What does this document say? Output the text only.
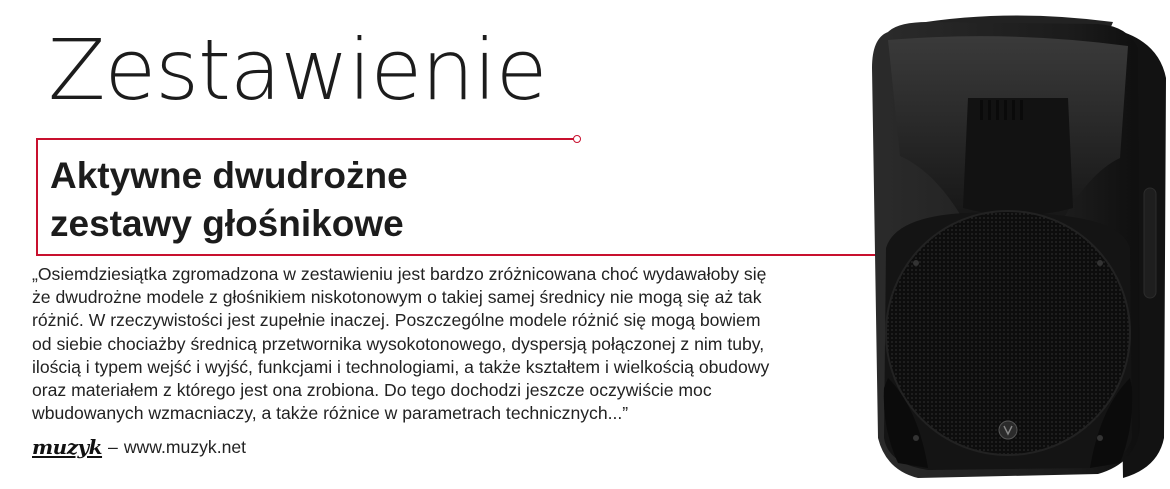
Zestawienie
Aktywne dwudrożne
zestawy głośnikowe

„Osiemdziesiątka zgromadzona w zestawieniu jest bardzo zróżnicowana choć wydawałoby się
że dwudrożne modele z głośnikiem niskotonowym o takiej samej średnicy nie mogą się aż tak
różnić. W rzeczywistości jest zupełnie inaczej. Poszczególne modele różnić się mogą bowiem
od siebie chociażby średnicą przetwornika wysokotonowego, dyspersją połączonej z nim tuby,
ilością i typem wejść i wyjść, funkcjami i technologiami, a także kształtem i wielkością obudowy
oraz materiałem z którego jest ona zrobiona. Do tego dochodzi jeszcze oczywiście moc
wbudowanych wzmacniaczy, a także różnice w parametrach technicznych...”

muzyk – www.muzyk.net
